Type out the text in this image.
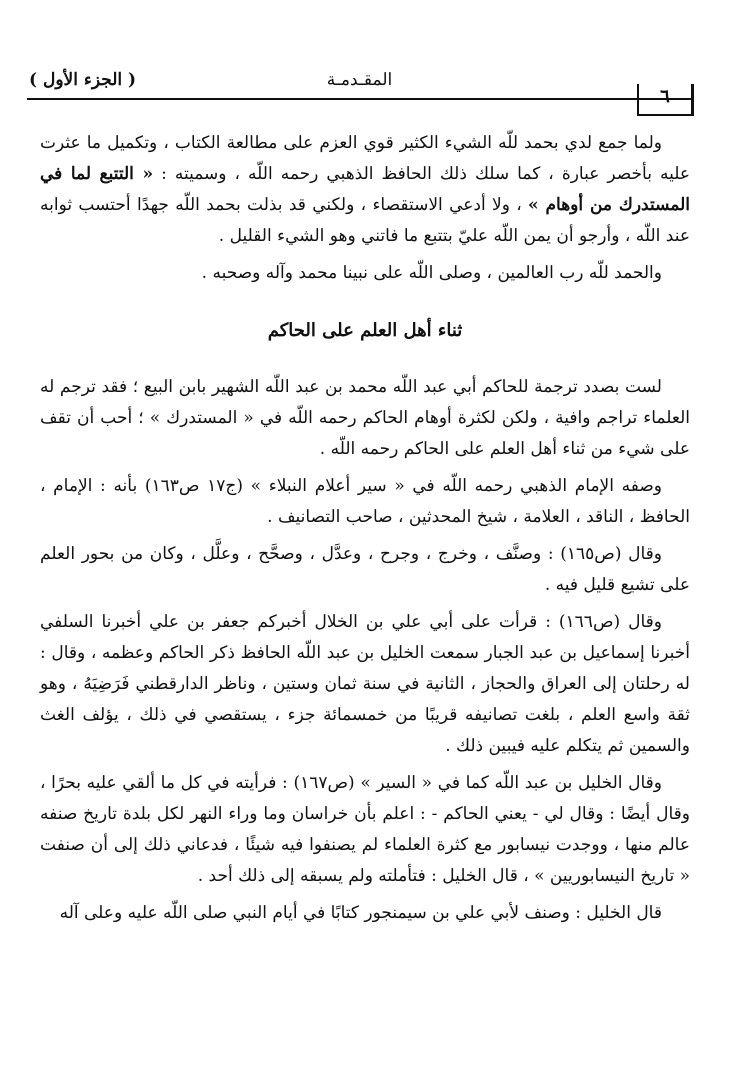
( الجزء الأول )	المقـدمـة
٦

ولما جمع لدي بحمد للّه الشيء الكثير قوي العزم على مطالعة الكتاب ، وتكميل ما عثرت عليه بأخصر عبارة ، كما سلك ذلك الحافظ الذهبي رحمه اللّه ، وسميته : « التتبع لما في المستدرك من أوهام » ، ولا أدعي الاستقصاء ، ولكني قد بذلت بحمد اللّه جهدًا أحتسب ثوابه عند اللّه ، وأرجو أن يمن اللّه عليّ بتتبع ما فاتني وهو الشيء القليل .

والحمد للّه رب العالمين ، وصلى اللّه على نبينا محمد وآله وصحبه .

ثناء أهل العلم على الحاكم

لست بصدد ترجمة للحاكم أبي عبد اللّه محمد بن عبد اللّه الشهير بابن البيع ؛ فقد ترجم له العلماء تراجم وافية ، ولكن لكثرة أوهام الحاكم رحمه اللّه في « المستدرك » ؛ أحب أن تقف على شيء من ثناء أهل العلم على الحاكم رحمه اللّه .

وصفه الإمام الذهبي رحمه اللّه في « سير أعلام النبلاء » (ج١٧ ص١٦٣) بأنه : الإمام ، الحافظ ، الناقد ، العلامة ، شيخ المحدثين ، صاحب التصانيف .

وقال (ص١٦٥) : وصنَّف ، وخرج ، وجرح ، وعدَّل ، وصحَّح ، وعلَّل ، وكان من بحور العلم على تشيع قليل فيه .

وقال (ص١٦٦) : قرأت على أبي علي بن الخلال أخبركم جعفر بن علي أخبرنا السلفي أخبرنا إسماعيل بن عبد الجبار سمعت الخليل بن عبد اللّه الحافظ ذكر الحاكم وعظمه ، وقال : له رحلتان إلى العراق والحجاز ، الثانية في سنة ثمان وستين ، وناظر الدارقطني فَرَضِيَهُ ، وهو ثقة واسع العلم ، بلغت تصانيفه قريبًا من خمسمائة جزء ، يستقصي في ذلك ، يؤلف الغث والسمين ثم يتكلم عليه فيبين ذلك .

وقال الخليل بن عبد اللّه كما في « السير » (ص١٦٧) : فرأيته في كل ما ألقي عليه بحرًا ، وقال أيضًا : وقال لي - يعني الحاكم - : اعلم بأن خراسان وما وراء النهر لكل بلدة تاريخ صنفه عالم منها ، ووجدت نيسابور مع كثرة العلماء لم يصنفوا فيه شيئًا ، فدعاني ذلك إلى أن صنفت « تاريخ النيسابوريين » ، قال الخليل : فتأملته ولم يسبقه إلى ذلك أحد .

قال الخليل : وصنف لأبي علي بن سيمنجور كتابًا في أيام النبي صلى اللّه عليه وعلى آله
